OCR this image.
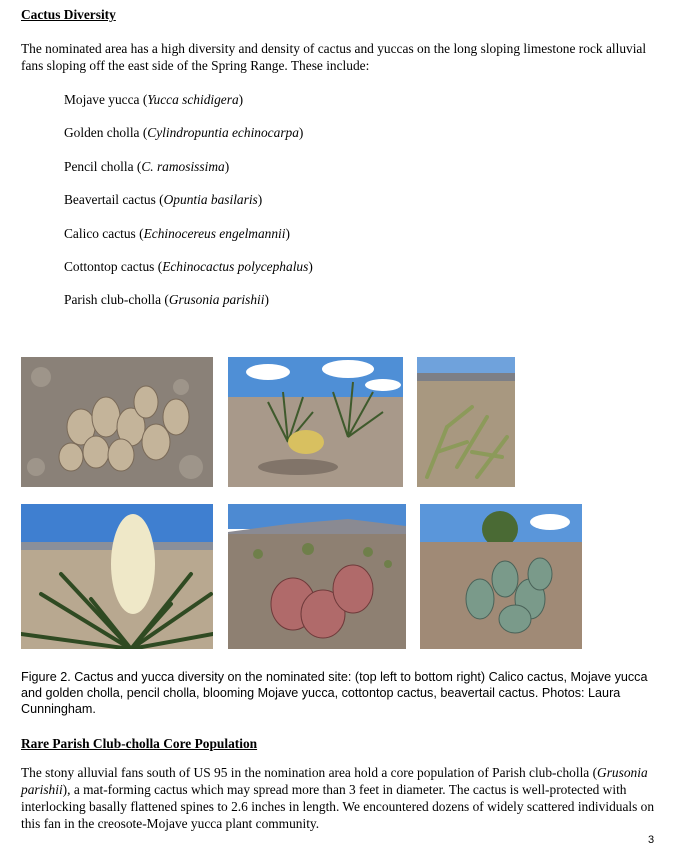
Cactus Diversity
The nominated area has a high diversity and density of cactus and yuccas on the long sloping limestone rock alluvial fans sloping off the east side of the Spring Range. These include:
Mojave yucca (Yucca schidigera)
Golden cholla (Cylindropuntia echinocarpa)
Pencil cholla (C. ramosissima)
Beavertail cactus (Opuntia basilaris)
Calico cactus (Echinocereus engelmannii)
Cottontop cactus (Echinocactus polycephalus)
Parish club-cholla (Grusonia parishii)
Figure 2. Cactus and yucca diversity on the nominated site: (top left to bottom right) Calico cactus, Mojave yucca and golden cholla, pencil cholla, blooming Mojave yucca, cottontop cactus, beavertail cactus. Photos: Laura Cunningham.
Rare Parish Club-cholla Core Population
The stony alluvial fans south of US 95 in the nomination area hold a core population of Parish club-cholla (Grusonia parishii), a mat-forming cactus which may spread more than 3 feet in diameter. The cactus is well-protected with interlocking basally flattened spines to 2.6 inches in length. We encountered dozens of widely scattered individuals on this fan in the creosote-Mojave yucca plant community.
3
